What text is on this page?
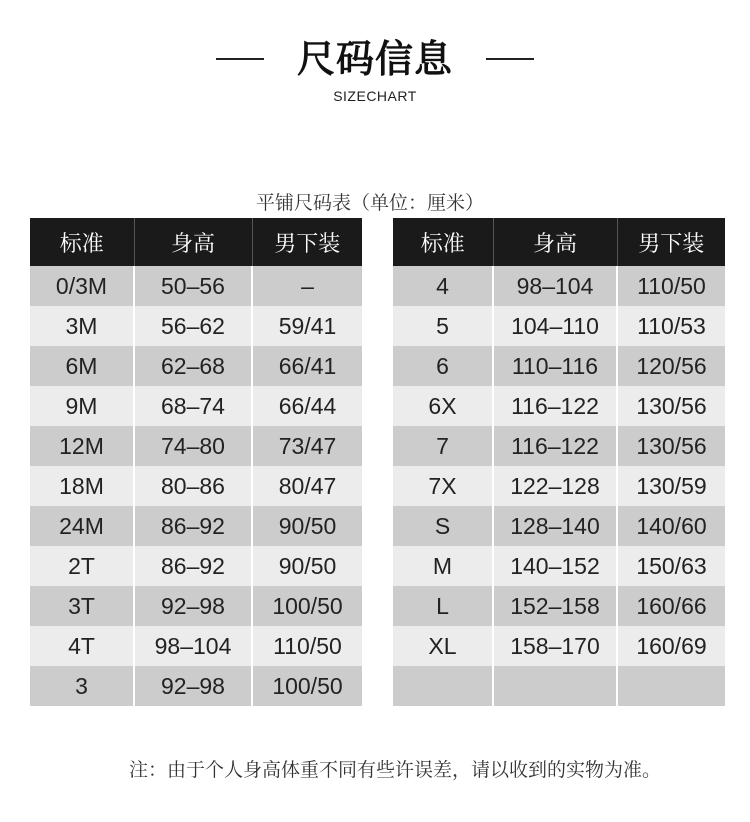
尺码信息
SIZECHART
平铺尺码表（单位：厘米）
标准	身高	男下装
0/3M	50–56	–
3M	56–62	59/41
6M	62–68	66/41
9M	68–74	66/44
12M	74–80	73/47
18M	80–86	80/47
24M	86–92	90/50
2T	86–92	90/50
3T	92–98	100/50
4T	98–104	110/50
3	92–98	100/50
标准	身高	男下装
4	98–104	110/50
5	104–110	110/53
6	110–116	120/56
6X	116–122	130/56
7	116–122	130/56
7X	122–128	130/59
S	128–140	140/60
M	140–152	150/63
L	152–158	160/66
XL	158–170	160/69

注：由于个人身高体重不同有些许误差，请以收到的实物为准。
